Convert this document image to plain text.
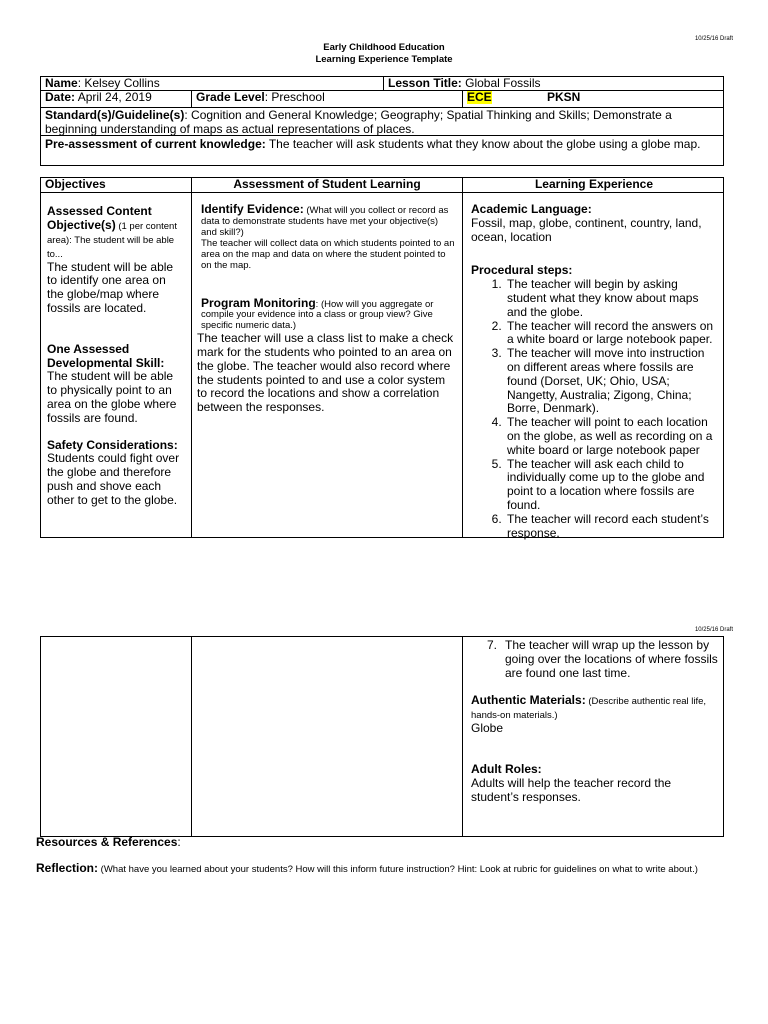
10/25/16 Draft
Early Childhood Education
Learning Experience Template
Name: Kelsey Collins	Lesson Title: Global Fossils
Date: April 24, 2019	Grade Level: Preschool	ECE	PKSN
Standard(s)/Guideline(s): Cognition and General Knowledge; Geography; Spatial Thinking and Skills; Demonstrate a beginning understanding of maps as actual representations of places.
Pre-assessment of current knowledge: The teacher will ask students what they know about the globe using a globe map.
Objectives	Assessment of Student Learning	Learning Experience
Assessed Content Objective(s) (1 per content area): The student will be able to...
The student will be able to identify one area on the globe/map where fossils are located.
One Assessed Developmental Skill:
The student will be able to physically point to an area on the globe where fossils are found.
Safety Considerations:
Students could fight over the globe and therefore push and shove each other to get to the globe.
Identify Evidence: (What will you collect or record as data to demonstrate students have met your objective(s) and skill?)
The teacher will collect data on which students pointed to an area on the map and data on where the student pointed to on the map.
Program Monitoring: (How will you aggregate or compile your evidence into a class or group view? Give specific numeric data.)
The teacher will use a class list to make a check mark for the students who pointed to an area on the globe. The teacher would also record where the students pointed to and use a color system to record the locations and show a correlation between the responses.
Academic Language:
Fossil, map, globe, continent, country, land, ocean, location
Procedural steps:
1. The teacher will begin by asking student what they know about maps and the globe.
2. The teacher will record the answers on a white board or large notebook paper.
3. The teacher will move into instruction on different areas where fossils are found (Dorset, UK; Ohio, USA; Nangetty, Australia; Zigong, China; Borre, Denmark).
4. The teacher will point to each location on the globe, as well as recording on a white board or large notebook paper
5. The teacher will ask each child to individually come up to the globe and point to a location where fossils are found.
6. The teacher will record each student’s response.
10/25/16 Draft
7. The teacher will wrap up the lesson by going over the locations of where fossils are found one last time.
Authentic Materials: (Describe authentic real life, hands-on materials.)
Globe
Adult Roles:
Adults will help the teacher record the student’s responses.
Resources & References:
Reflection: (What have you learned about your students? How will this inform future instruction? Hint: Look at rubric for guidelines on what to write about.)
